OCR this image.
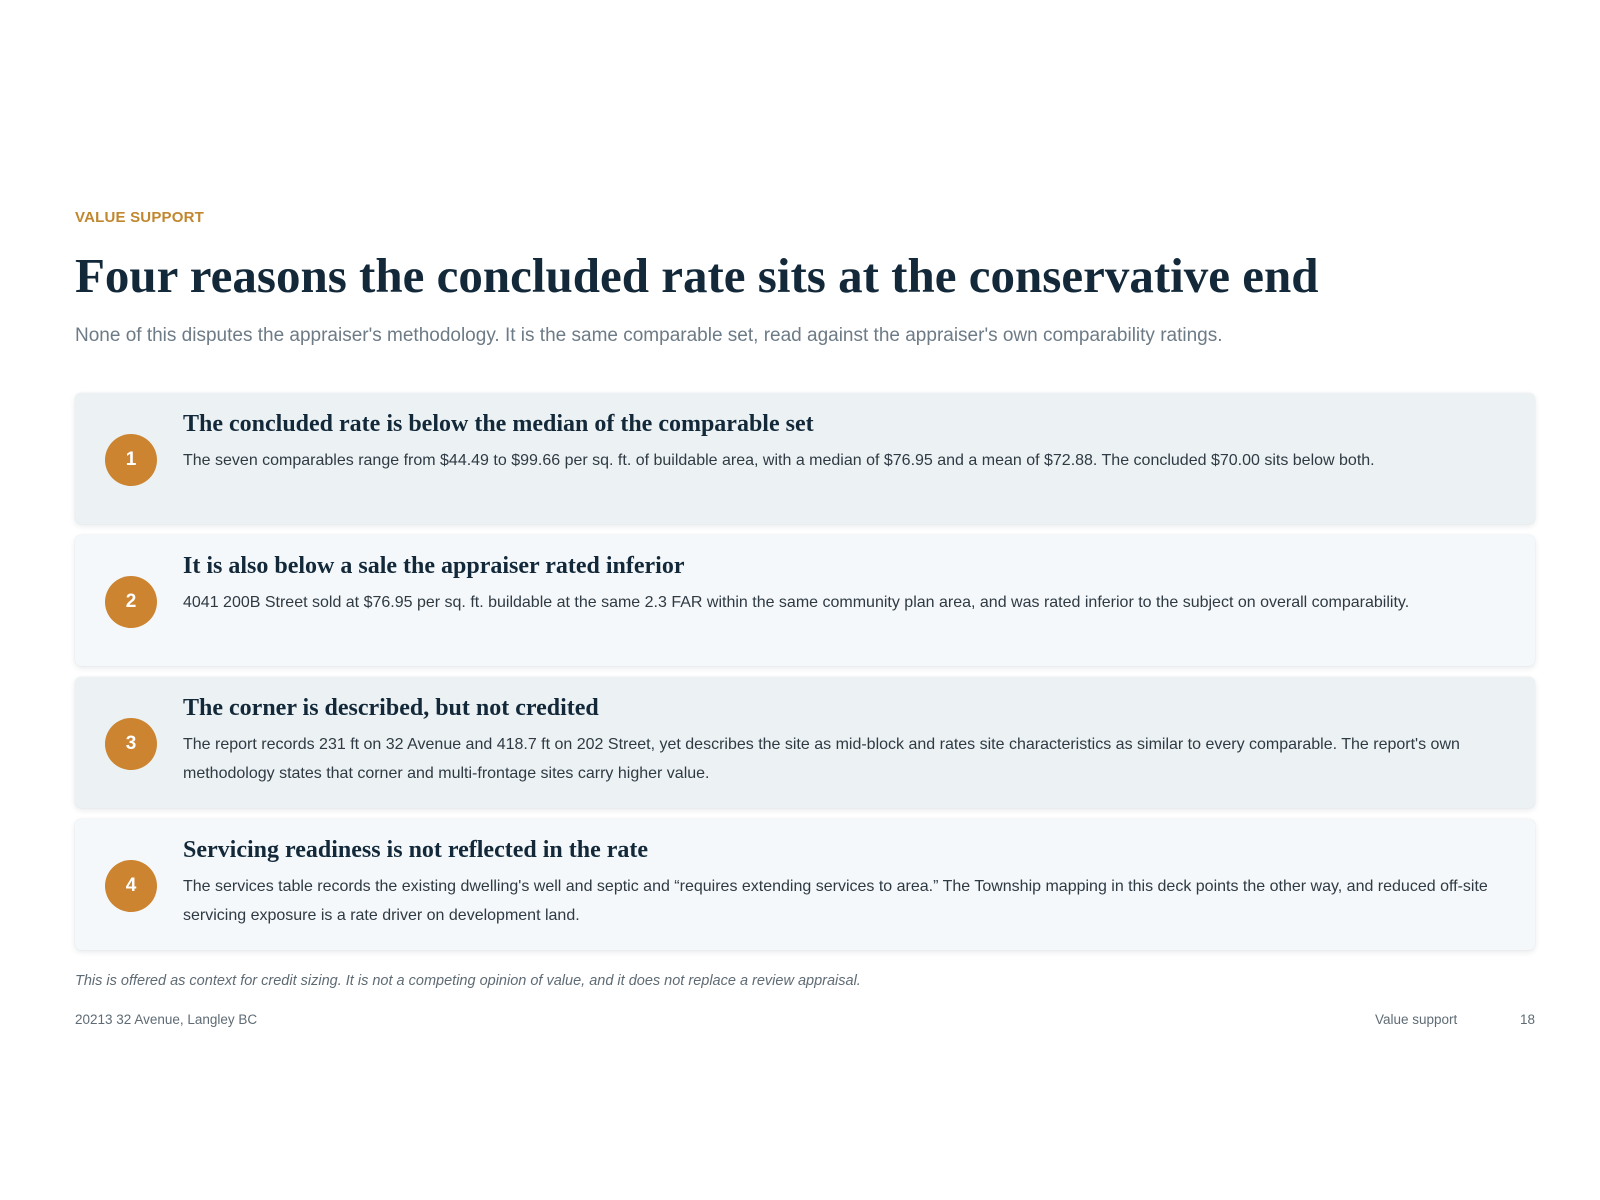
VALUE SUPPORT
Four reasons the concluded rate sits at the conservative end
None of this disputes the appraiser's methodology. It is the same comparable set, read against the appraiser's own comparability ratings.
1
The concluded rate is below the median of the comparable set
The seven comparables range from $44.49 to $99.66 per sq. ft. of buildable area, with a median of $76.95 and a mean of $72.88. The concluded $70.00 sits below both.
2
It is also below a sale the appraiser rated inferior
4041 200B Street sold at $76.95 per sq. ft. buildable at the same 2.3 FAR within the same community plan area, and was rated inferior to the subject on overall comparability.
3
The corner is described, but not credited
The report records 231 ft on 32 Avenue and 418.7 ft on 202 Street, yet describes the site as mid-block and rates site characteristics as similar to every comparable. The report's own methodology states that corner and multi-frontage sites carry higher value.
4
Servicing readiness is not reflected in the rate
The services table records the existing dwelling's well and septic and “requires extending services to area.” The Township mapping in this deck points the other way, and reduced off-site servicing exposure is a rate driver on development land.
This is offered as context for credit sizing. It is not a competing opinion of value, and it does not replace a review appraisal.
20213 32 Avenue, Langley BC	Value support	18
